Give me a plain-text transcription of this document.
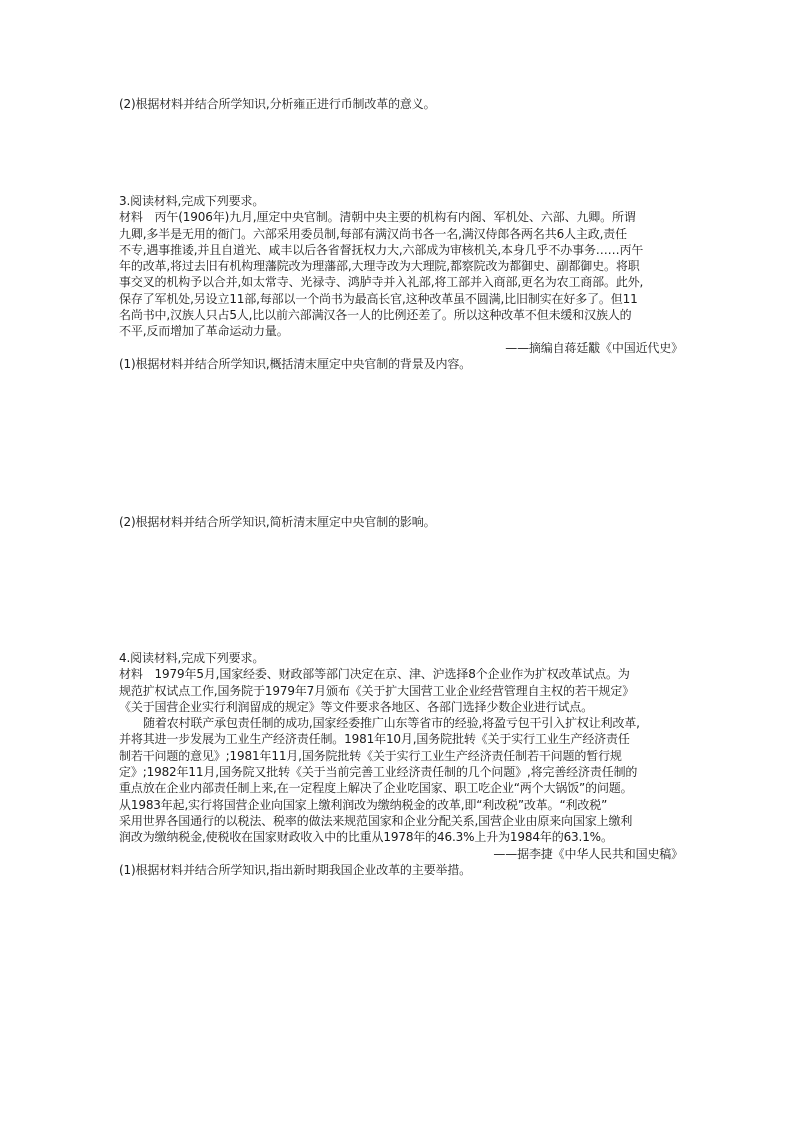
(2)根据材料并结合所学知识,分析雍正进行币制改革的意义。
3.阅读材料,完成下列要求。
材料　丙午(1906年)九月,厘定中央官制。清朝中央主要的机构有内阁、军机处、六部、九卿。所谓
九卿,多半是无用的衙门。六部采用委员制,每部有满汉尚书各一名,满汉侍郎各两名共6人主政,责任
不专,遇事推诿,并且自道光、咸丰以后各省督抚权力大,六部成为审核机关,本身几乎不办事务……丙午
年的改革,将过去旧有机构理藩院改为理藩部,大理寺改为大理院,都察院改为都御史、副都御史。将职
事交叉的机构予以合并,如太常寺、光禄寺、鸿胪寺并入礼部,将工部并入商部,更名为农工商部。此外,
保存了军机处,另设立11部,每部以一个尚书为最高长官,这种改革虽不圆满,比旧制实在好多了。但11
名尚书中,汉族人只占5人,比以前六部满汉各一人的比例还差了。所以这种改革不但未缓和汉族人的
不平,反而增加了革命运动力量。
——摘编自蒋廷黻《中国近代史》
(1)根据材料并结合所学知识,概括清末厘定中央官制的背景及内容。
(2)根据材料并结合所学知识,简析清末厘定中央官制的影响。
4.阅读材料,完成下列要求。
材料　1979年5月,国家经委、财政部等部门决定在京、津、沪选择8个企业作为扩权改革试点。为
规范扩权试点工作,国务院于1979年7月颁布《关于扩大国营工业企业经营管理自主权的若干规定》
《关于国营企业实行利润留成的规定》等文件要求各地区、各部门选择少数企业进行试点。
随着农村联产承包责任制的成功,国家经委推广山东等省市的经验,将盈亏包干引入扩权让利改革,
并将其进一步发展为工业生产经济责任制。1981年10月,国务院批转《关于实行工业生产经济责任
制若干问题的意见》;1981年11月,国务院批转《关于实行工业生产经济责任制若干问题的暂行规
定》;1982年11月,国务院又批转《关于当前完善工业经济责任制的几个问题》,将完善经济责任制的
重点放在企业内部责任制上来,在一定程度上解决了企业吃国家、职工吃企业“两个大锅饭”的问题。
从1983年起,实行将国营企业向国家上缴利润改为缴纳税金的改革,即“利改税”改革。“利改税”
采用世界各国通行的以税法、税率的做法来规范国家和企业分配关系,国营企业由原来向国家上缴利
润改为缴纳税金,使税收在国家财政收入中的比重从1978年的46.3%上升为1984年的63.1%。
——据李捷《中华人民共和国史稿》
(1)根据材料并结合所学知识,指出新时期我国企业改革的主要举措。
